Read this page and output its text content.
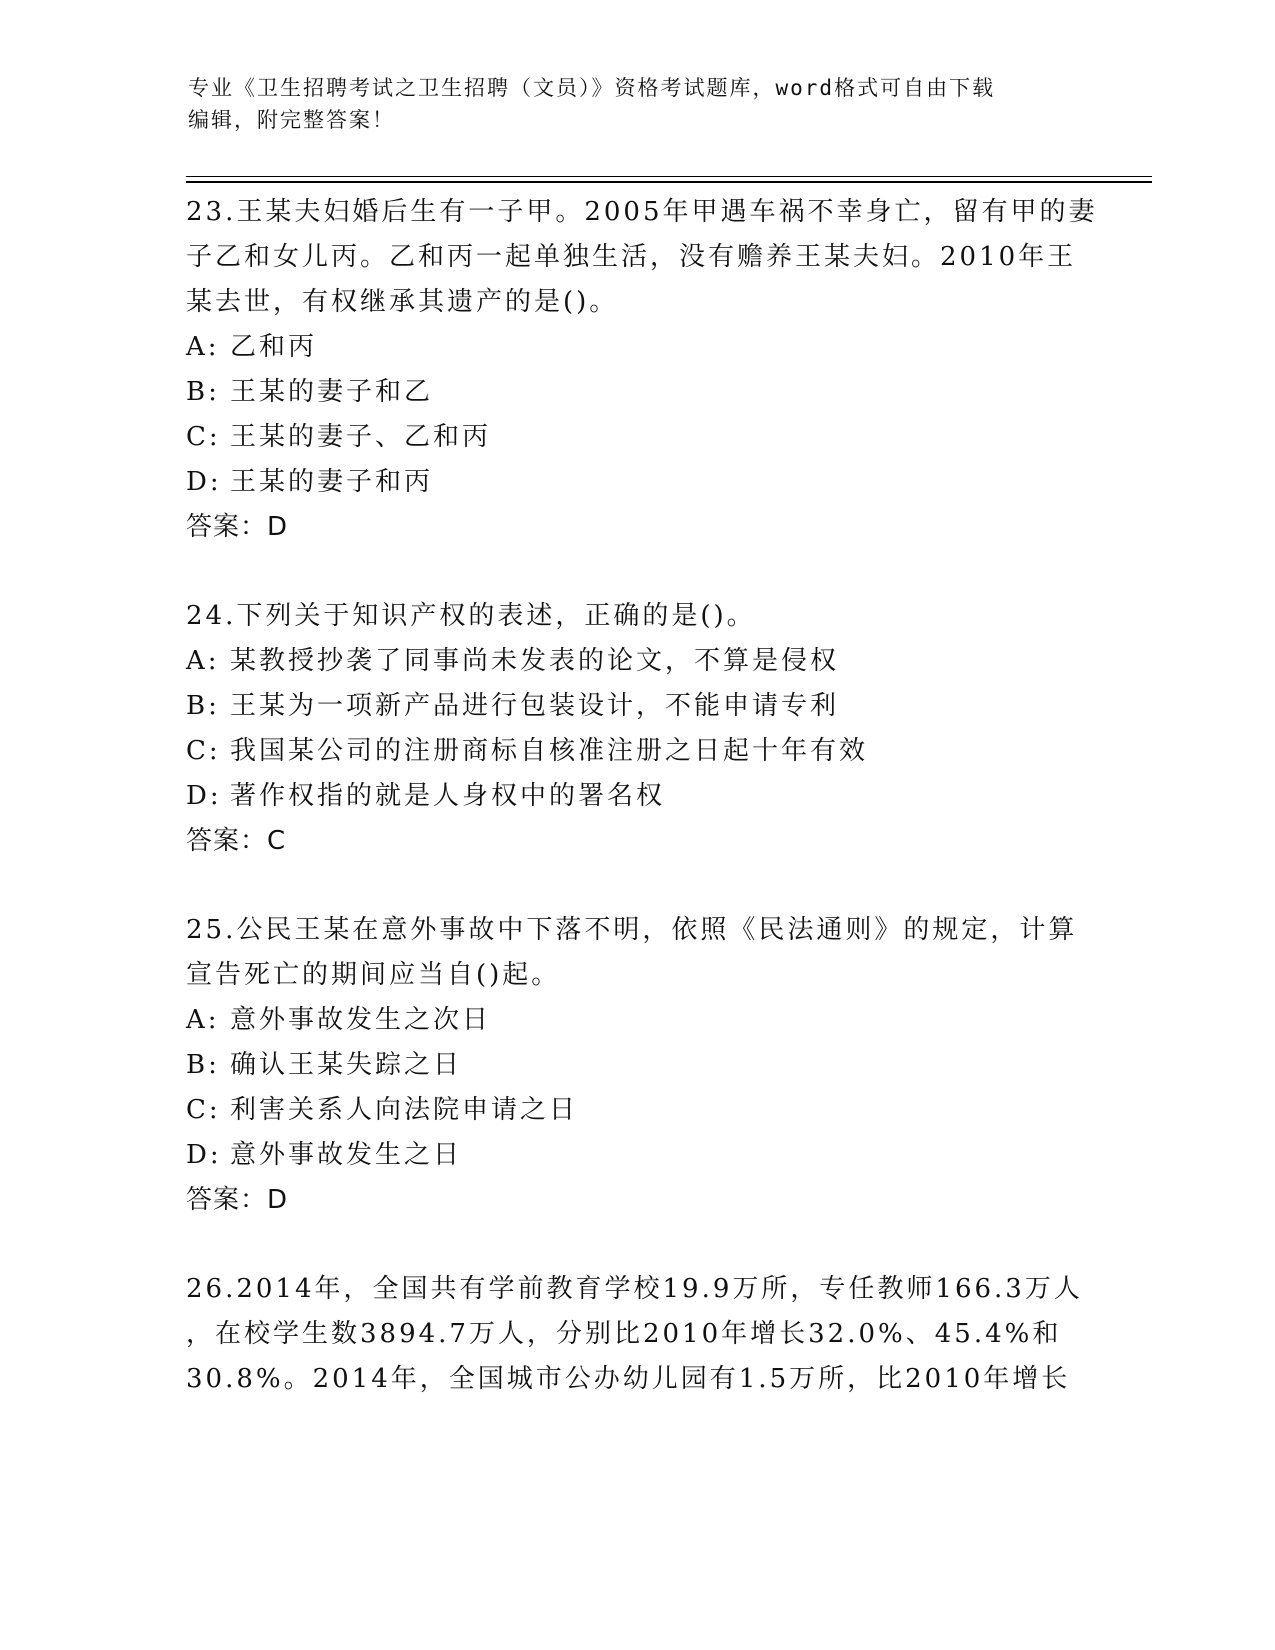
专业《卫生招聘考试之卫生招聘（文员）》资格考试题库，word格式可自由下载
编辑，附完整答案！
23.王某夫妇婚后生有一子甲。2005年甲遇车祸不幸身亡，留有甲的妻
子乙和女儿丙。乙和丙一起单独生活，没有赡养王某夫妇。2010年王
某去世，有权继承其遗产的是()。
A: 乙和丙
B: 王某的妻子和乙
C: 王某的妻子、乙和丙
D: 王某的妻子和丙
答案：D
24.下列关于知识产权的表述，正确的是()。
A: 某教授抄袭了同事尚未发表的论文，不算是侵权
B: 王某为一项新产品进行包装设计，不能申请专利
C: 我国某公司的注册商标自核准注册之日起十年有效
D: 著作权指的就是人身权中的署名权
答案：C
25.公民王某在意外事故中下落不明，依照《民法通则》的规定，计算
宣告死亡的期间应当自()起。
A: 意外事故发生之次日
B: 确认王某失踪之日
C: 利害关系人向法院申请之日
D: 意外事故发生之日
答案：D
26.2014年，全国共有学前教育学校19.9万所，专任教师166.3万人
，在校学生数3894.7万人，分别比2010年增长32.0%、45.4%和
30.8%。2014年，全国城市公办幼儿园有1.5万所，比2010年增长
